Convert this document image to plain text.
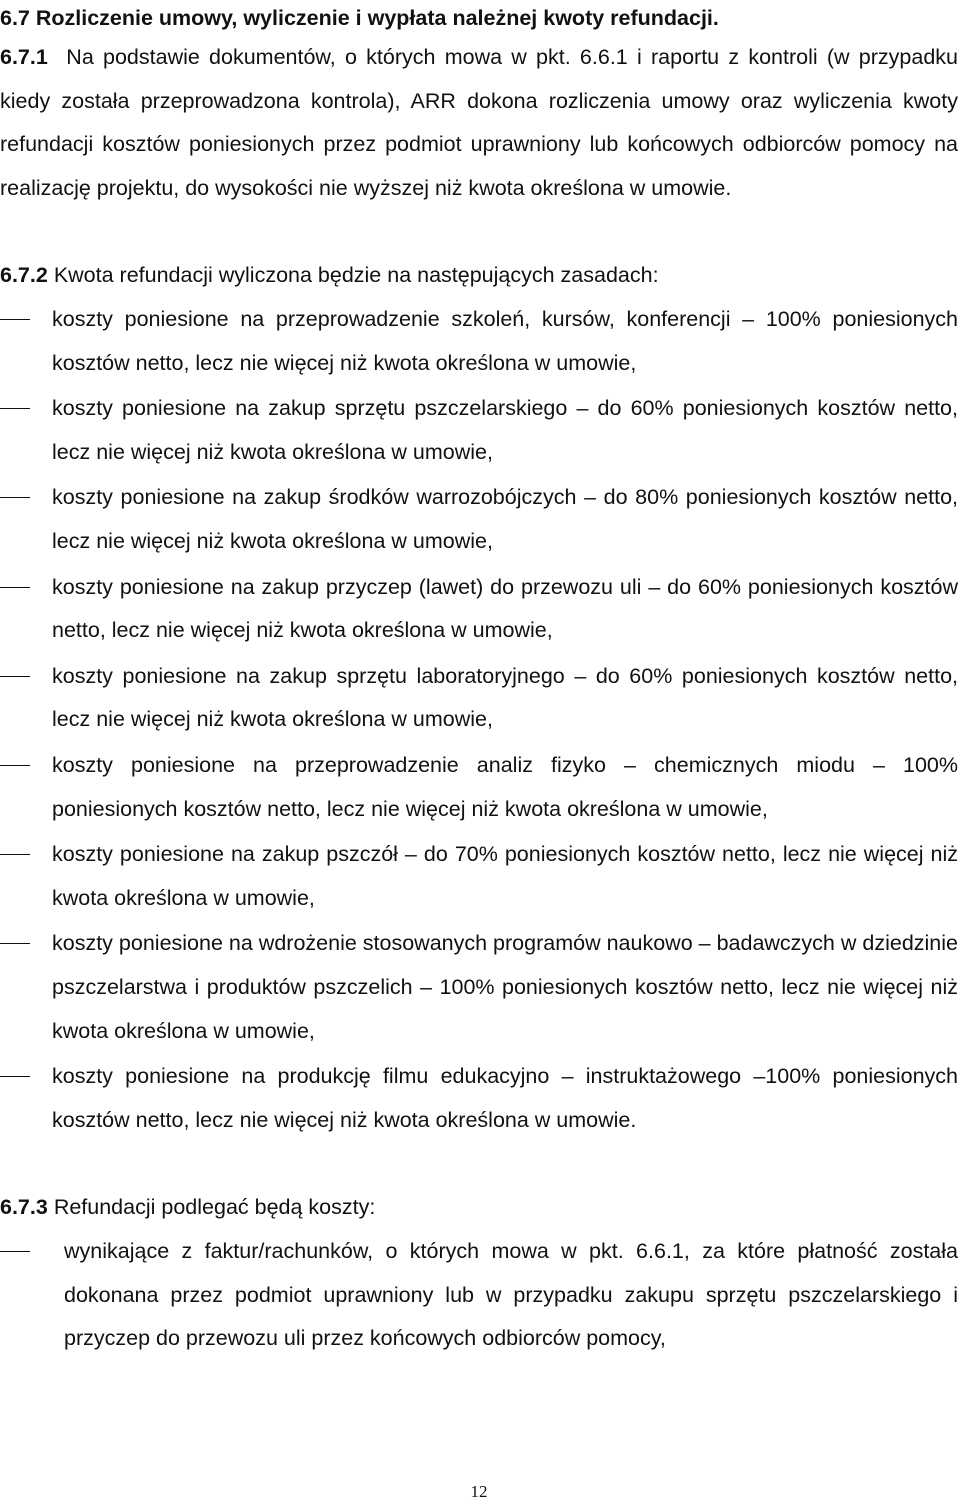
6.7 Rozliczenie umowy, wyliczenie i wypłata należnej kwoty refundacji.
6.7.1 Na podstawie dokumentów, o których mowa w pkt. 6.6.1 i raportu z kontroli (w przypadku kiedy została przeprowadzona kontrola), ARR dokona rozliczenia umowy oraz wyliczenia kwoty refundacji kosztów poniesionych przez podmiot uprawniony lub końcowych odbiorców pomocy na realizację projektu, do wysokości nie wyższej niż kwota określona w umowie.
6.7.2 Kwota refundacji wyliczona będzie na następujących zasadach:
koszty poniesione na przeprowadzenie szkoleń, kursów, konferencji – 100% poniesionych kosztów netto, lecz nie więcej niż kwota określona w umowie,
koszty poniesione na zakup sprzętu pszczelarskiego – do 60% poniesionych kosztów netto, lecz nie więcej niż kwota określona w umowie,
koszty poniesione na zakup środków warrozobójczych – do 80% poniesionych kosztów netto, lecz nie więcej niż kwota określona w umowie,
koszty poniesione na zakup przyczep (lawet) do przewozu uli – do 60% poniesionych kosztów netto, lecz nie więcej niż kwota określona w umowie,
koszty poniesione na zakup sprzętu laboratoryjnego – do 60% poniesionych kosztów netto, lecz nie więcej niż kwota określona w umowie,
koszty poniesione na przeprowadzenie analiz fizyko – chemicznych miodu – 100% poniesionych kosztów netto, lecz nie więcej niż kwota określona w umowie,
koszty poniesione na zakup pszczół – do 70% poniesionych kosztów netto, lecz nie więcej niż kwota określona w umowie,
koszty poniesione na wdrożenie stosowanych programów naukowo – badawczych w dziedzinie pszczelarstwa i produktów pszczelich – 100% poniesionych kosztów netto, lecz nie więcej niż kwota określona w umowie,
koszty poniesione na produkcję filmu edukacyjno – instruktażowego –100% poniesionych kosztów netto, lecz nie więcej niż kwota określona w umowie.
6.7.3 Refundacji podlegać będą koszty:
wynikające z faktur/rachunków, o których mowa w pkt. 6.6.1, za które płatność została dokonana przez podmiot uprawniony lub w przypadku zakupu sprzętu pszczelarskiego i przyczep do przewozu uli przez końcowych odbiorców pomocy,
12
